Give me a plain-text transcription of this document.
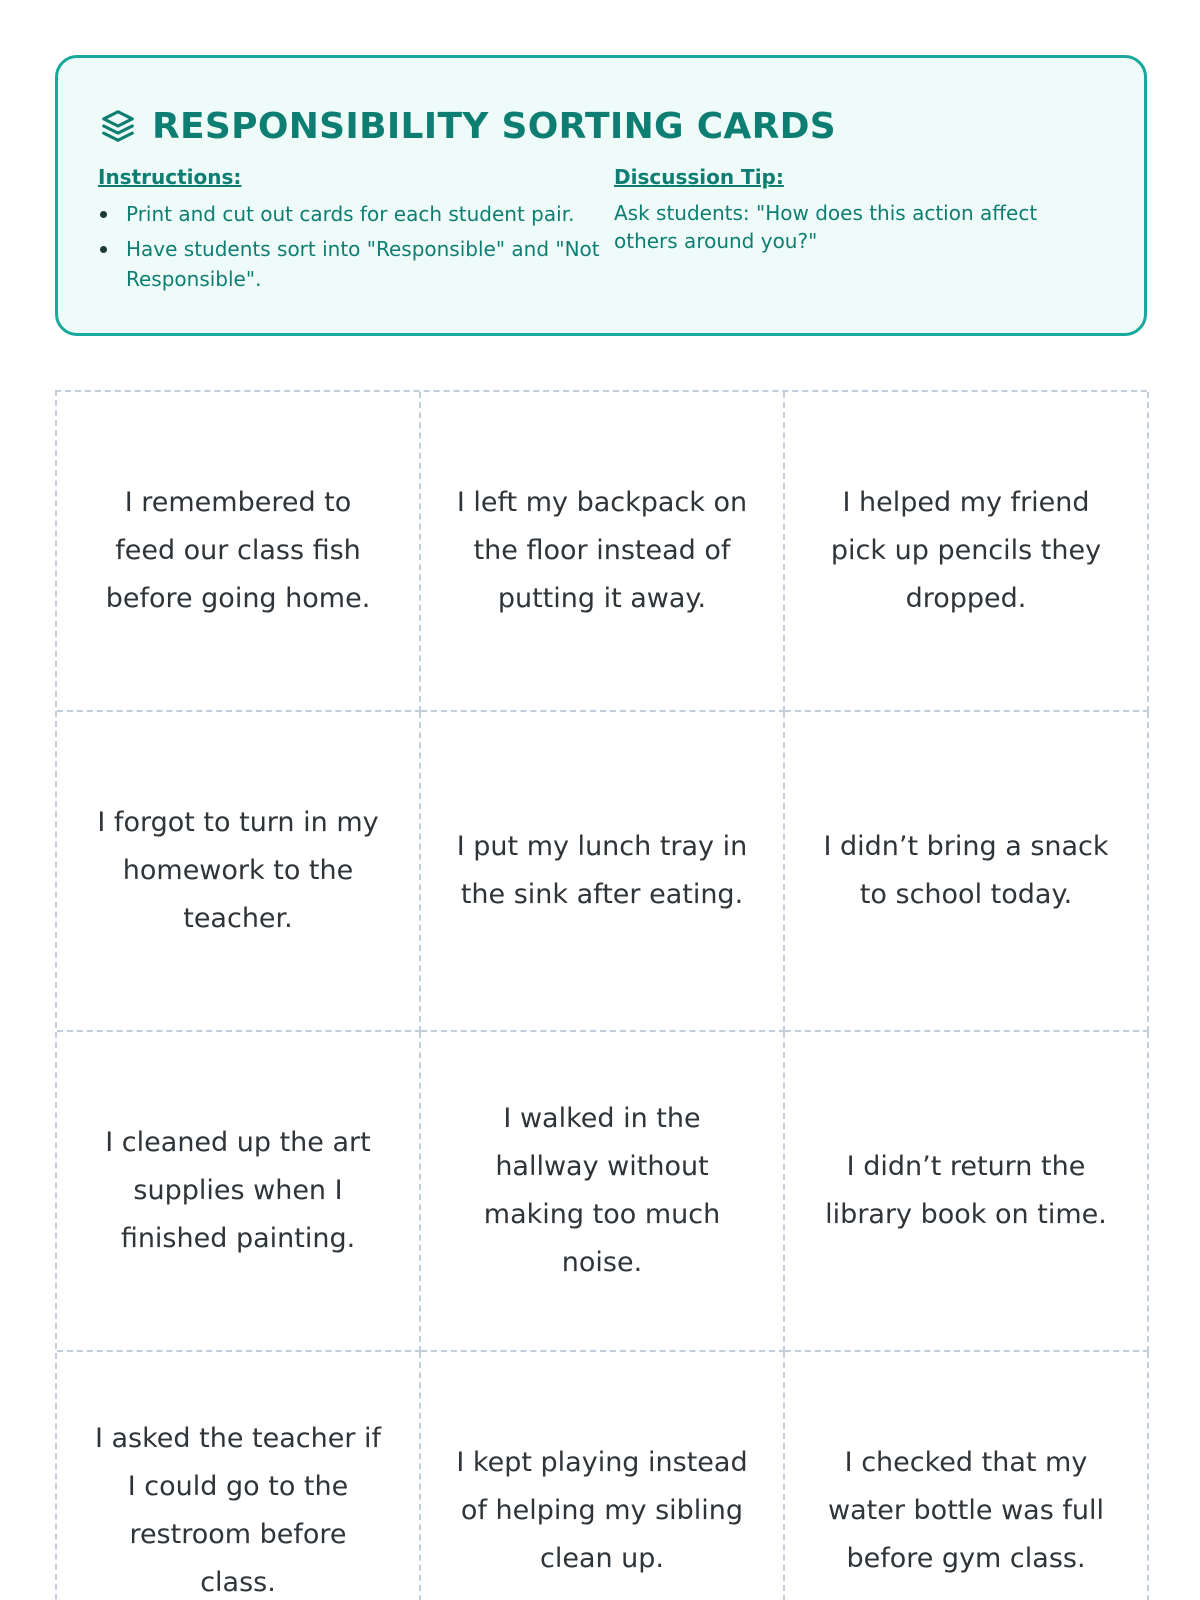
RESPONSIBILITY SORTING CARDS
Instructions:
Print and cut out cards for each student pair.
Have students sort into "Responsible" and "Not Responsible".
Discussion Tip:

Ask students: "How does this action affect others around you?"

I remembered to feed our class fish before going home.

I left my backpack on the floor instead of putting it away.

I helped my friend pick up pencils they dropped.

I forgot to turn in my homework to the teacher.

I put my lunch tray in the sink after eating.

I didn’t bring a snack to school today.

I cleaned up the art supplies when I finished painting.

I walked in the hallway without making too much noise.

I didn’t return the library book on time.

I asked the teacher if I could go to the restroom before class.

I kept playing instead of helping my sibling clean up.

I checked that my water bottle was full before gym class.
